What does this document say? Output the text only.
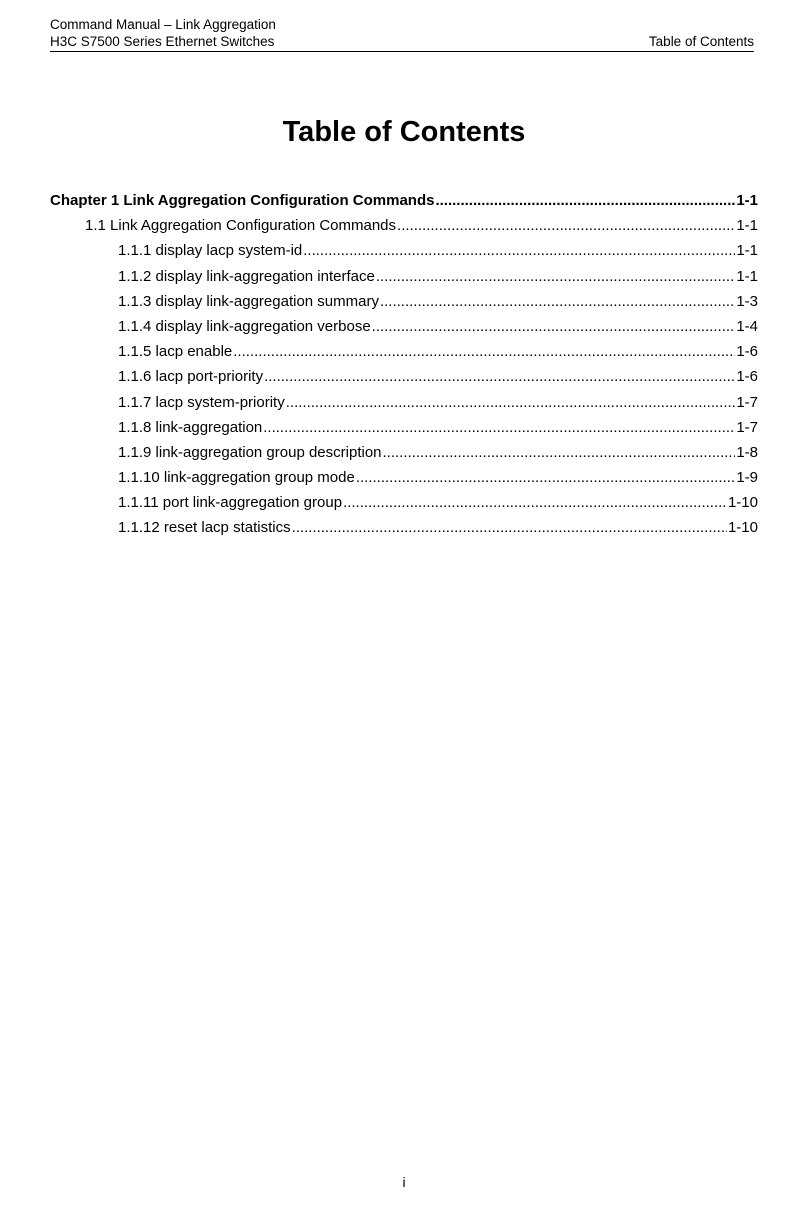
Command Manual – Link Aggregation
H3C S7500 Series Ethernet Switches	Table of Contents
Table of Contents
Chapter 1 Link Aggregation Configuration Commands .....	1-1
1.1 Link Aggregation Configuration Commands .....	1-1
1.1.1 display lacp system-id .....	1-1
1.1.2 display link-aggregation interface .....	1-1
1.1.3 display link-aggregation summary .....	1-3
1.1.4 display link-aggregation verbose .....	1-4
1.1.5 lacp enable .....	1-6
1.1.6 lacp port-priority .....	1-6
1.1.7 lacp system-priority .....	1-7
1.1.8 link-aggregation .....	1-7
1.1.9 link-aggregation group description .....	1-8
1.1.10 link-aggregation group mode .....	1-9
1.1.11 port link-aggregation group .....	1-10
1.1.12 reset lacp statistics .....	1-10
i
